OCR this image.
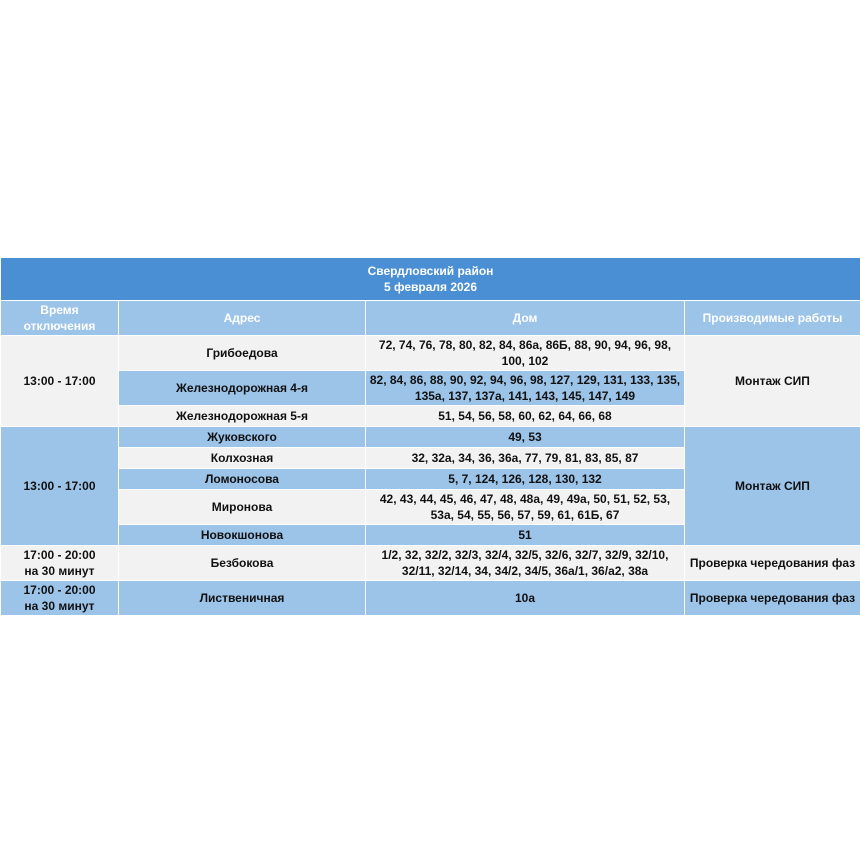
Свердловский район
5 февраля 2026			

Время отключения	Адрес	Дом	Производимые работы

13:00 - 17:00	Грибоедова	72, 74, 76, 78, 80, 82, 84, 86а, 86Б, 88, 90, 94, 96, 98, 100, 102	Монтаж СИП
	Железнодорожная 4-я	82, 84, 86, 88, 90, 92, 94, 96, 98, 127, 129, 131, 133, 135, 135а, 137, 137а, 141, 143, 145, 147, 149	
	Железнодорожная 5-я	51, 54, 56, 58, 60, 62, 64, 66, 68	

13:00 - 17:00	Жуковского	49, 53	Монтаж СИП
	Колхозная	32, 32а, 34, 36, 36а, 77, 79, 81, 83, 85, 87	
	Ломоносова	5, 7, 124, 126, 128, 130, 132	
	Миронова	42, 43, 44, 45, 46, 47, 48, 48а, 49, 49а, 50, 51, 52, 53, 53а, 54, 55, 56, 57, 59, 61, 61Б, 67	
	Новокшонова	51	

17:00 - 20:00
на 30 минут	Безбокова	1/2, 32, 32/2, 32/3, 32/4, 32/5, 32/6, 32/7, 32/9, 32/10, 32/11, 32/14, 34, 34/2, 34/5, 36а/1, 36/а2, 38а	Проверка чередования фаз

17:00 - 20:00
на 30 минут	Лиственичная	10а	Проверка чередования фаз
